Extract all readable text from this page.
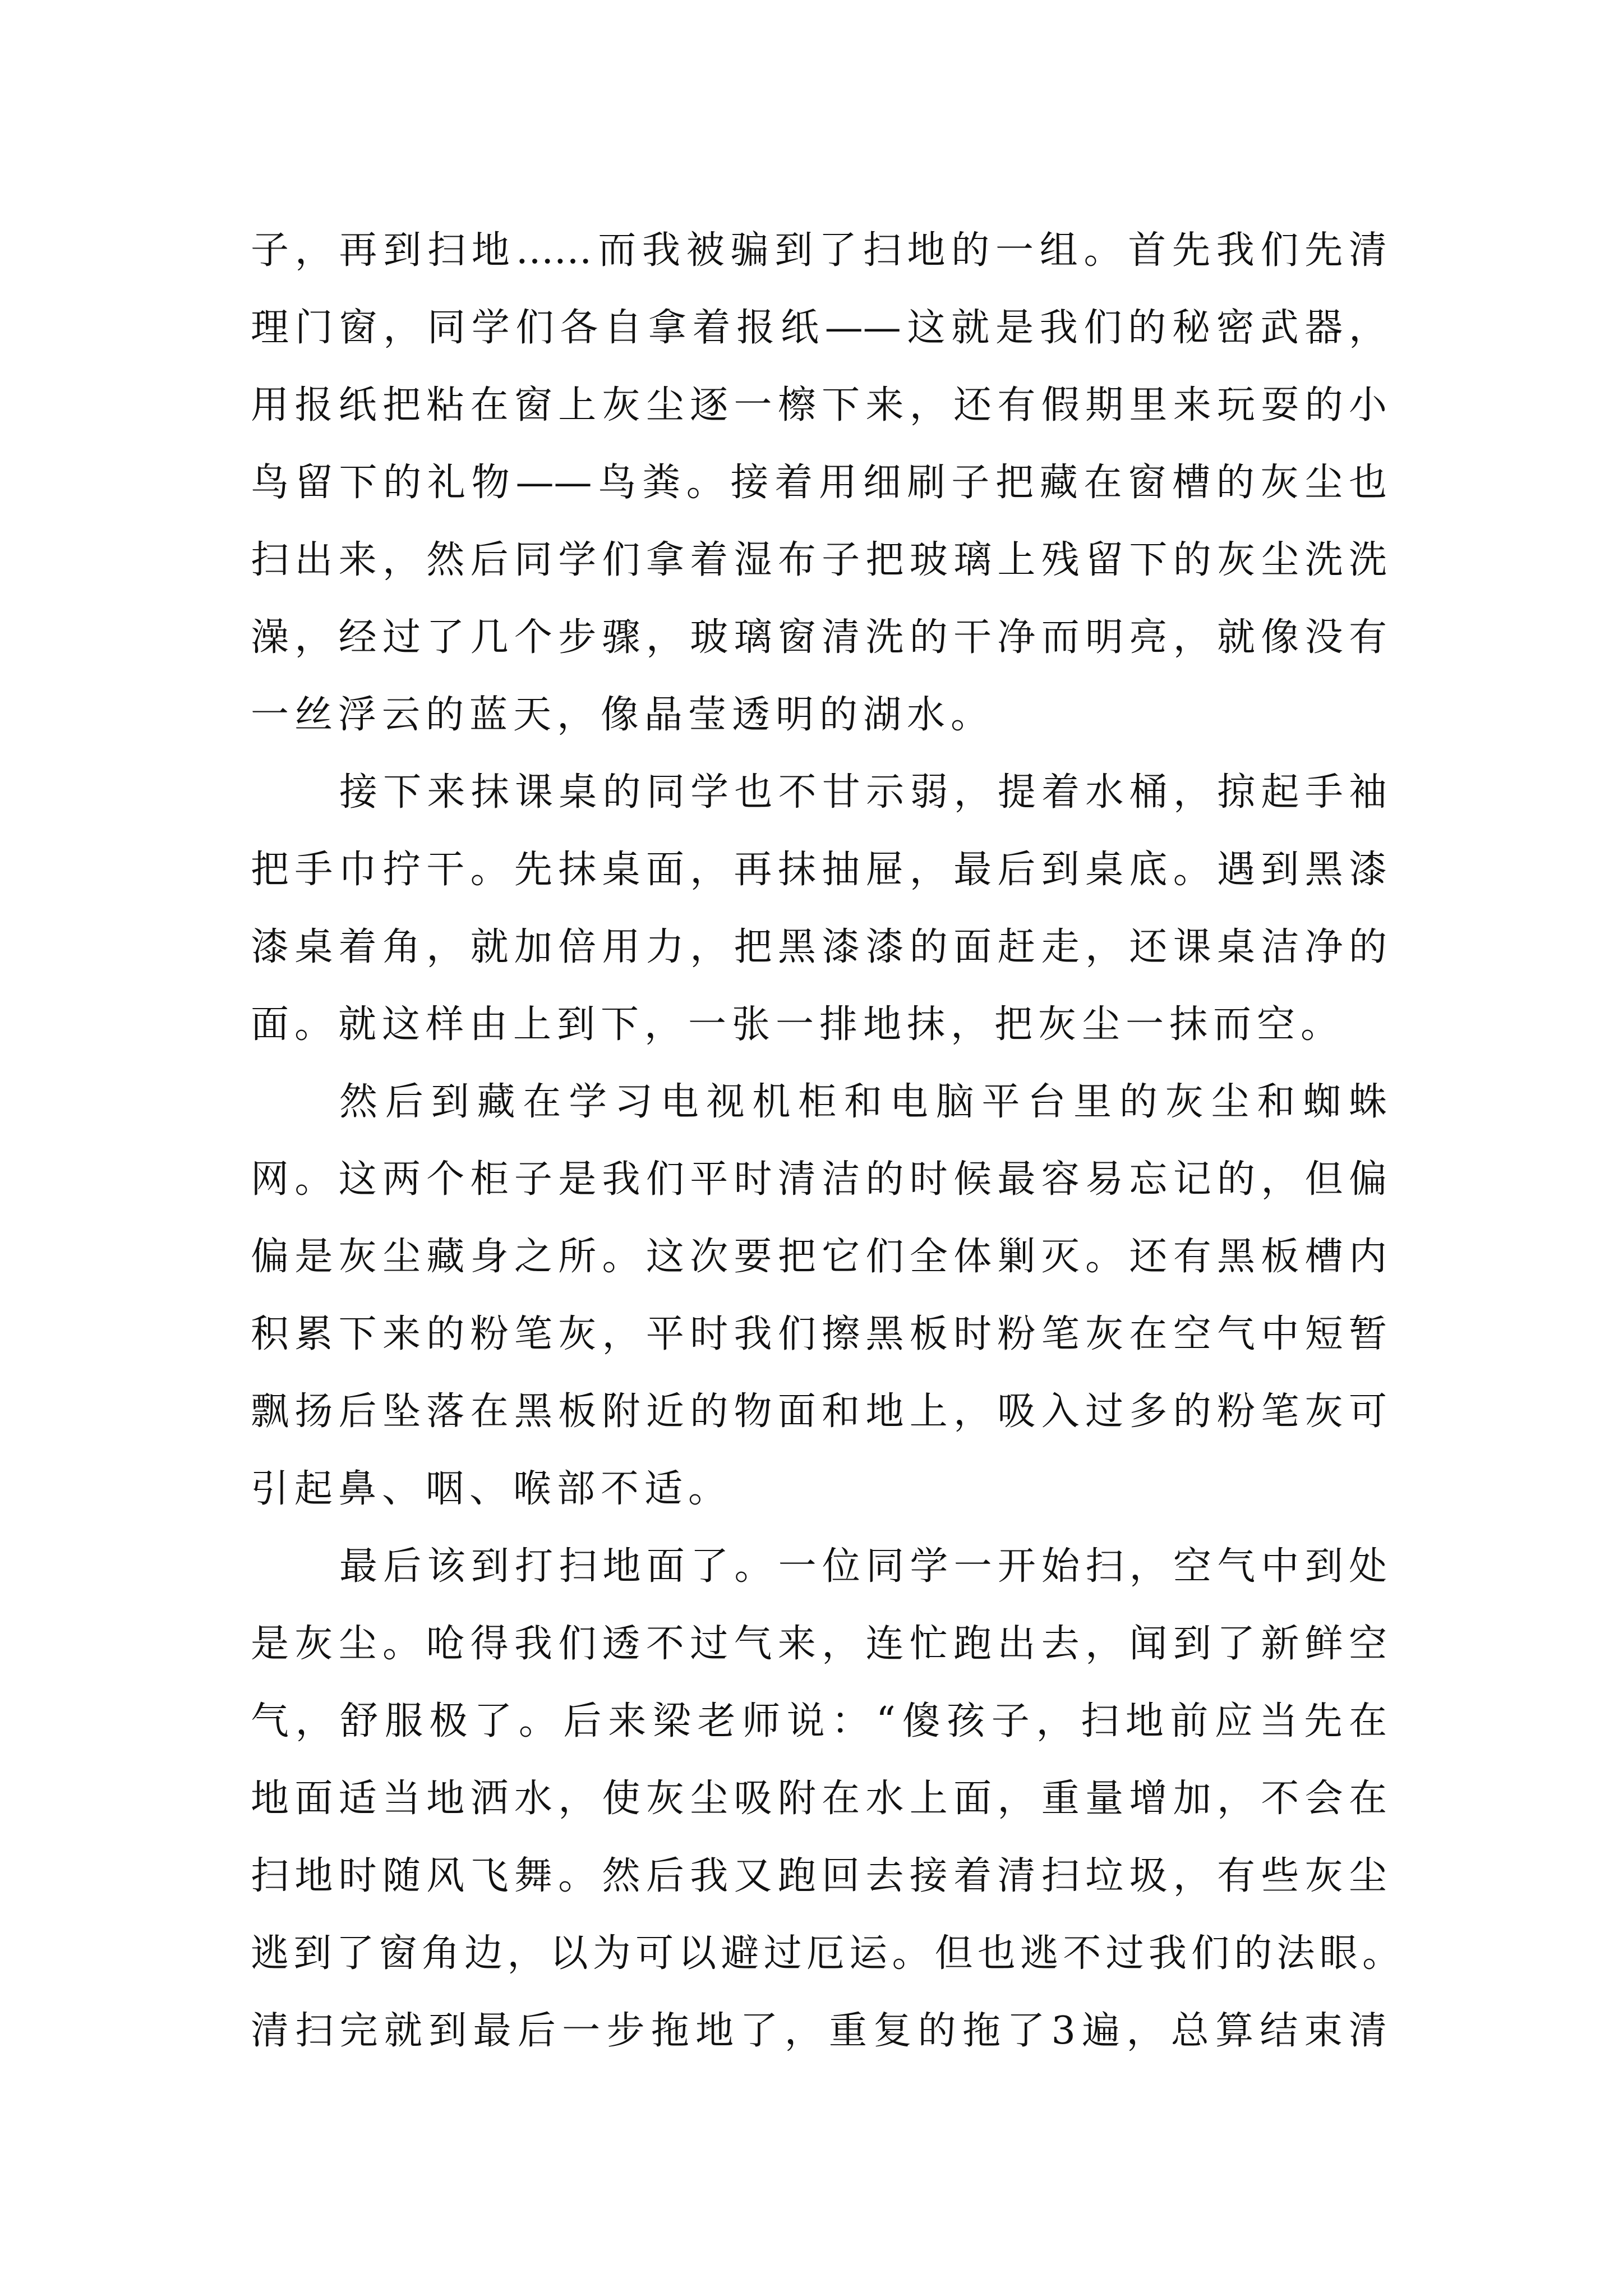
子，再到扫地……而我被骗到了扫地的一组。首先我们先清
理门窗，同学们各自拿着报纸——这就是我们的秘密武器，
用报纸把粘在窗上灰尘逐一檫下来，还有假期里来玩耍的小
鸟留下的礼物——鸟粪。接着用细刷子把藏在窗槽的灰尘也
扫出来，然后同学们拿着湿布子把玻璃上残留下的灰尘洗洗
澡，经过了几个步骤，玻璃窗清洗的干净而明亮，就像没有
一丝浮云的蓝天，像晶莹透明的湖水。
接下来抹课桌的同学也不甘示弱，提着水桶，掠起手袖
把手巾拧干。先抹桌面，再抹抽屉，最后到桌底。遇到黑漆
漆桌着角，就加倍用力，把黑漆漆的面赶走，还课桌洁净的
面。就这样由上到下，一张一排地抹，把灰尘一抹而空。
然后到藏在学习电视机柜和电脑平台里的灰尘和蜘蛛
网。这两个柜子是我们平时清洁的时候最容易忘记的，但偏
偏是灰尘藏身之所。这次要把它们全体剿灭。还有黑板槽内
积累下来的粉笔灰，平时我们擦黑板时粉笔灰在空气中短暂
飘扬后坠落在黑板附近的物面和地上，吸入过多的粉笔灰可
引起鼻、咽、喉部不适。
最后该到打扫地面了。一位同学一开始扫，空气中到处
是灰尘。呛得我们透不过气来，连忙跑出去，闻到了新鲜空
气，舒服极了。后来梁老师说：“傻孩子，扫地前应当先在
地面适当地洒水，使灰尘吸附在水上面，重量增加，不会在
扫地时随风飞舞。然后我又跑回去接着清扫垃圾，有些灰尘
逃到了窗角边，以为可以避过厄运。但也逃不过我们的法眼。
清扫完就到最后一步拖地了，重复的拖了3遍，总算结束清
